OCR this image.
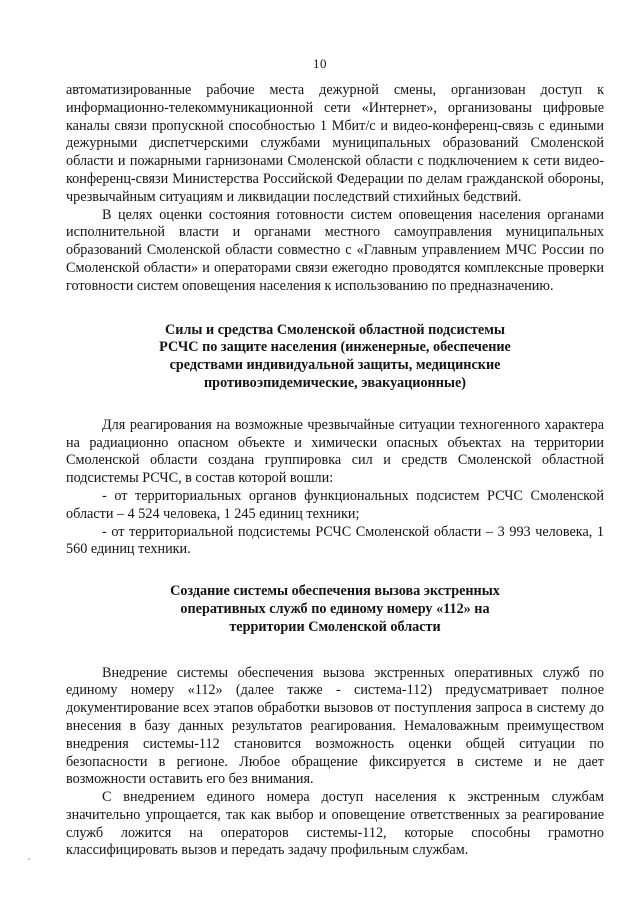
10

автоматизированные рабочие места дежурной смены, организован доступ к информационно-телекоммуникационной сети «Интернет», организованы цифровые каналы связи пропускной способностью 1 Мбит/с и видео-конференц-связь с едиными дежурными диспетчерскими службами муниципальных образований Смоленской области и пожарными гарнизонами Смоленской области с подключением к сети видео-конференц-связи Министерства Российской Федерации по делам гражданской обороны, чрезвычайным ситуациям и ликвидации последствий стихийных бедствий.

В целях оценки состояния готовности систем оповещения населения органами исполнительной власти и органами местного самоуправления муниципальных образований Смоленской области совместно с «Главным управлением МЧС России по Смоленской области» и операторами связи ежегодно проводятся комплексные проверки готовности систем оповещения населения к использованию по предназначению.

Силы и средства Смоленской областной подсистемы
РСЧС по защите населения (инженерные, обеспечение
средствами индивидуальной защиты, медицинские
противоэпидемические, эвакуационные)

Для реагирования на возможные чрезвычайные ситуации техногенного характера на радиационно опасном объекте и химически опасных объектах на территории Смоленской области создана группировка сил и средств Смоленской областной подсистемы РСЧС, в состав которой вошли:

- от территориальных органов функциональных подсистем РСЧС Смоленской области – 4 524 человека, 1 245 единиц техники;

- от территориальной подсистемы РСЧС Смоленской области – 3 993 человека, 1 560 единиц техники.

Создание системы обеспечения вызова экстренных
оперативных служб по единому номеру «112» на
территории Смоленской области

Внедрение системы обеспечения вызова экстренных оперативных служб по единому номеру «112» (далее также - система-112) предусматривает полное документирование всех этапов обработки вызовов от поступления запроса в систему до внесения в базу данных результатов реагирования. Немаловажным преимуществом внедрения системы-112 становится возможность оценки общей ситуации по безопасности в регионе. Любое обращение фиксируется в системе и не дает возможности оставить его без внимания.

С внедрением единого номера доступ населения к экстренным службам значительно упрощается, так как выбор и оповещение ответственных за реагирование служб ложится на операторов системы-112, которые способны грамотно классифицировать вызов и передать задачу профильным службам.
